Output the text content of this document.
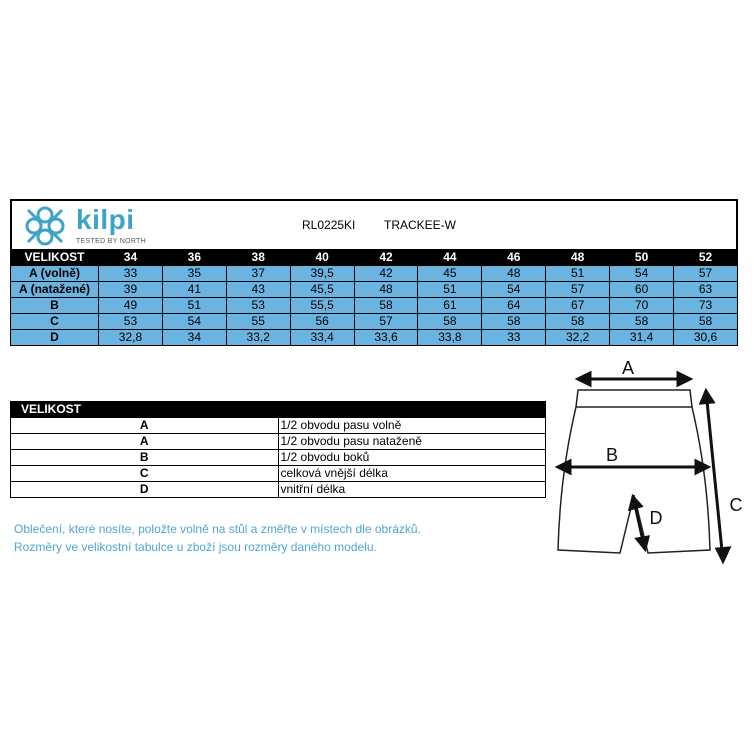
kilpi
TESTED BY NORTH
RL0225KI TRACKEE-W
VELIKOST	34	36	38	40	42	44	46	48	50	52
A (volně)	33	35	37	39,5	42	45	48	51	54	57
A (natažené)	39	41	43	45,5	48	51	54	57	60	63
B	49	51	53	55,5	58	61	64	67	70	73
C	53	54	55	56	57	58	58	58	58	58
D	32,8	34	33,2	33,4	33,6	33,8	33	32,2	31,4	30,6
VELIKOST	
A	1/2 obvodu pasu volně
A	1/2 obvodu pasu nataženě
B	1/2 obvodu boků
C	celková vnější délka
D	vnitřní délka
Oblečení, které nosíte, položte volně na stůl a změřte v místech dle obrázků.
Rozměry ve velikostní tabulce u zboží jsou rozměry daného modelu.
A
B
C
D
